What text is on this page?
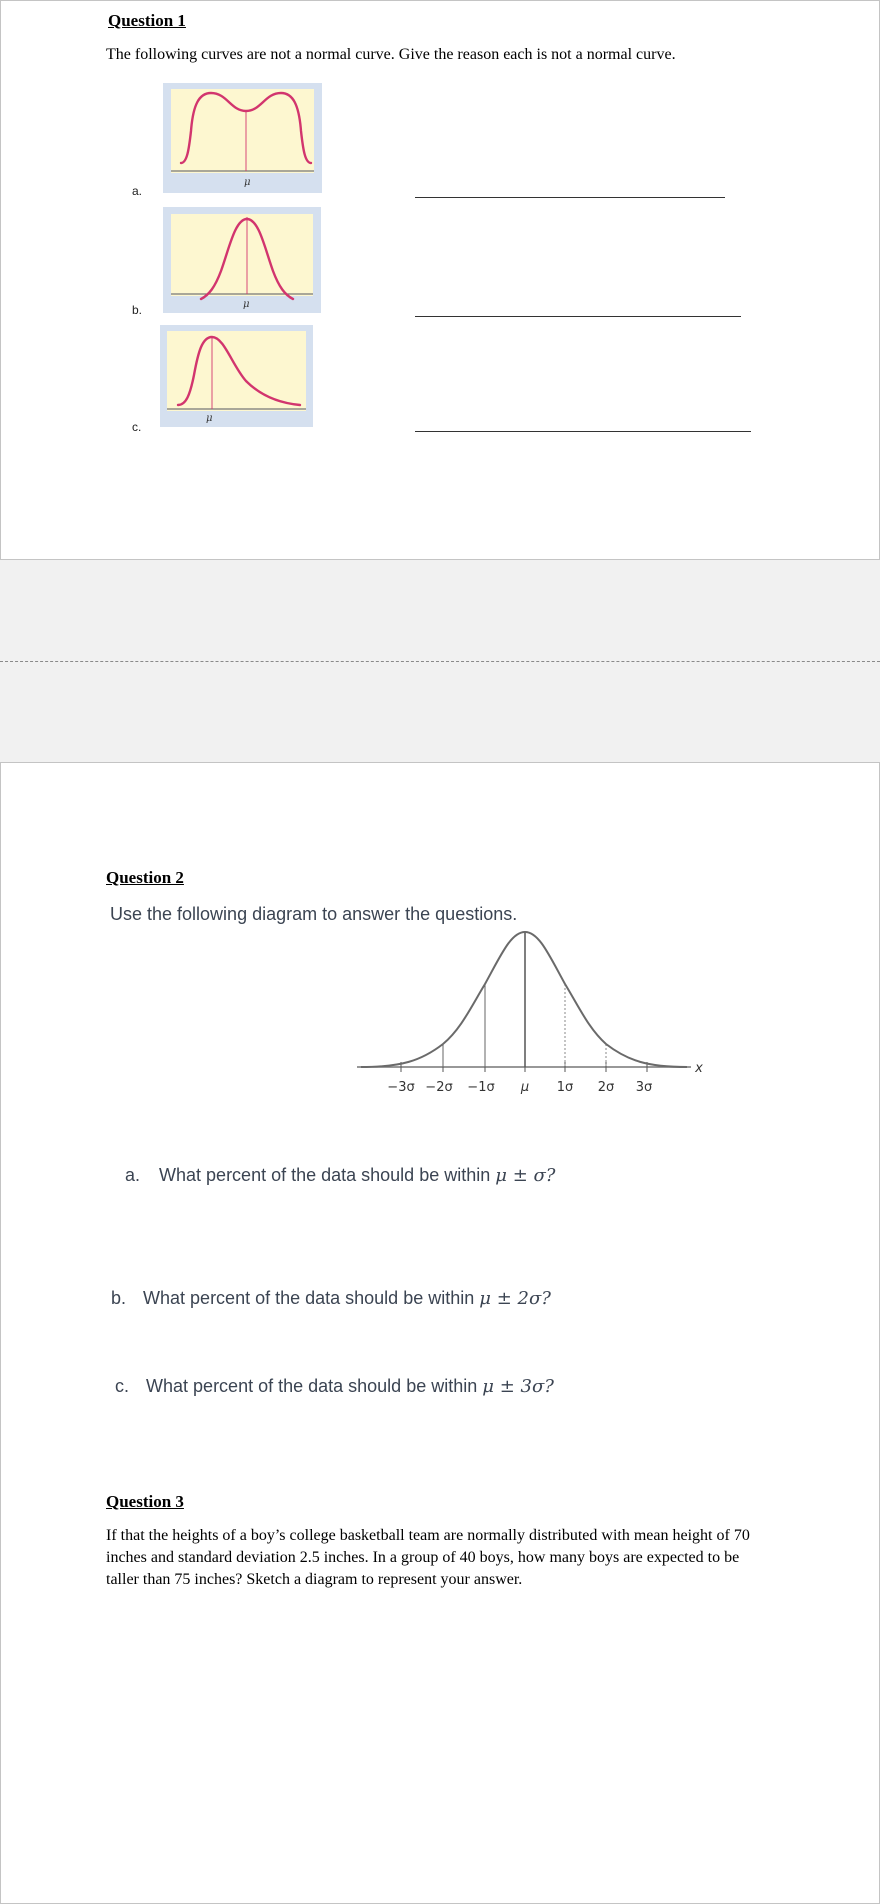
Question 1
The following curves are not a normal curve. Give the reason each is not a normal curve.
μ
a.
μ
b.
μ
c.
Question 2
Use the following diagram to answer the questions.
−3σ −2σ −1σ μ 1σ 2σ 3σ
x
a. What percent of the data should be within μ ± σ?
b. What percent of the data should be within μ ± 2σ?
c. What percent of the data should be within μ ± 3σ?
Question 3
If that the heights of a boy’s college basketball team are normally distributed with mean height of 70 inches and standard deviation 2.5 inches. In a group of 40 boys, how many boys are expected to be taller than 75 inches? Sketch a diagram to represent your answer.
